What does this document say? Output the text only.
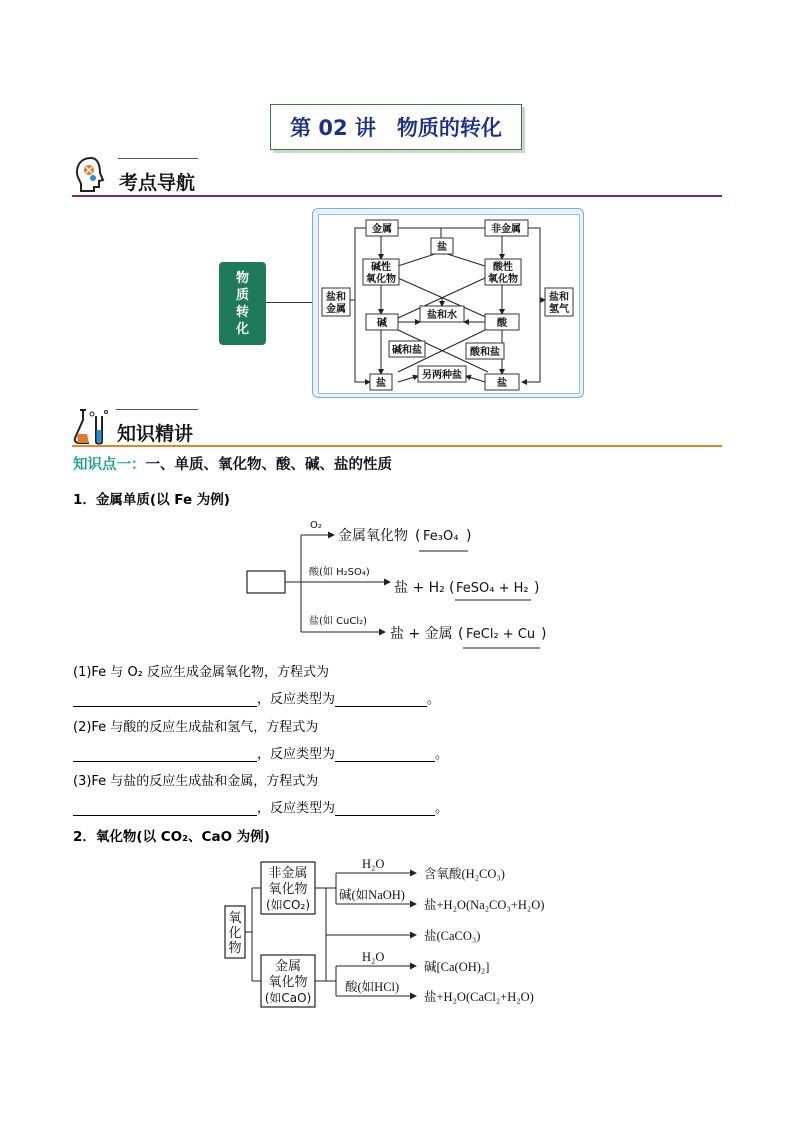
第 02 讲　物质的转化
考点导航
物
质
转
化
金属	非金属
盐
碱性
氧化物
酸性
氧化物
盐和
金属
盐和
氢气
盐和水
碱	酸
碱和盐	酸和盐
盐
另两种盐
盐
知识精讲
知识点一：一、单质、氧化物、酸、碱、盐的性质
1．金属单质(以 Fe 为例)
O₂
酸(如 H₂SO₄)
盐(如 CuCl₂)
金属氧化物 ( Fe₃O₄ )
盐 + H₂ ( FeSO₄ + H₂ )
盐 + 金属 ( FeCl₂ + Cu )
(1)Fe 与 O₂ 反应生成金属氧化物，方程式为
，反应类型为	。
(2)Fe 与酸的反应生成盐和氢气，方程式为
，反应类型为	。
(3)Fe 与盐的反应生成盐和金属，方程式为
，反应类型为	。
2．氧化物(以 CO₂、CaO 为例)
氧
化
物
非金属
氧化物
(如CO₂)
金属
氧化物
(如CaO)
H₂O
含氧酸(H₂CO₃)
碱(如NaOH)
盐+H₂O(Na₂CO₃+H₂O)
盐(CaCO₃)
H₂O
碱[Ca(OH)₂]
酸(如HCl)
盐+H₂O(CaCl₂+H₂O)
